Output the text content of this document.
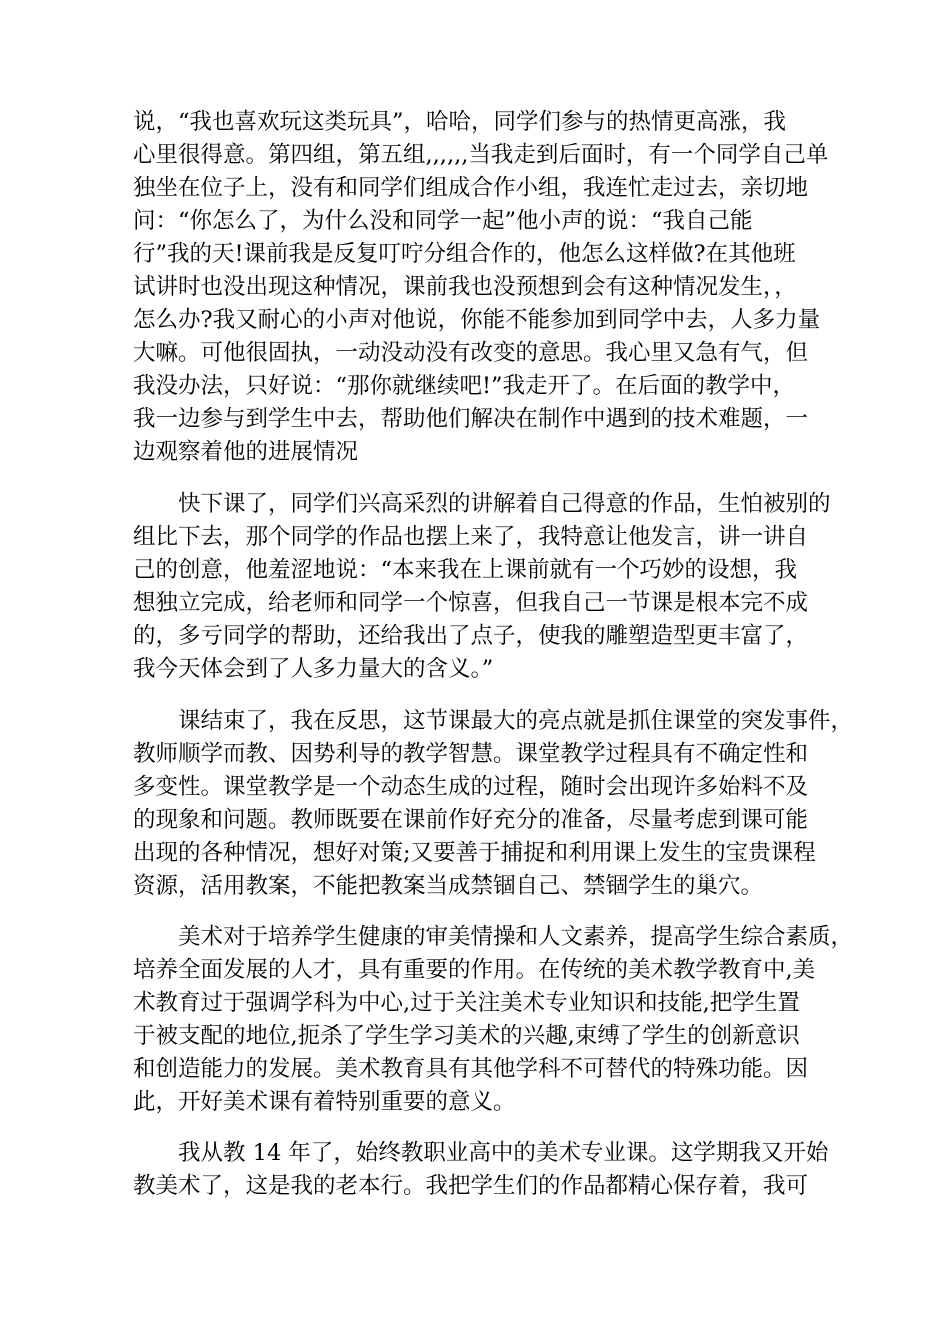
说，“我也喜欢玩这类玩具”，哈哈，同学们参与的热情更高涨，我
心里很得意。第四组，第五组,,,,,,当我走到后面时，有一个同学自己单
独坐在位子上，没有和同学们组成合作小组，我连忙走过去，亲切地
问：“你怎么了，为什么没和同学一起”他小声的说：“我自己能
行”我的天!课前我是反复叮咛分组合作的，他怎么这样做?在其他班
试讲时也没出现这种情况，课前我也没预想到会有这种情况发生，，
怎么办?我又耐心的小声对他说，你能不能参加到同学中去，人多力量
大嘛。可他很固执，一动没动没有改变的意思。我心里又急有气，但
我没办法，只好说：“那你就继续吧!”我走开了。在后面的教学中，
我一边参与到学生中去，帮助他们解决在制作中遇到的技术难题，一
边观察着他的进展情况
快下课了，同学们兴高采烈的讲解着自己得意的作品，生怕被别的
组比下去，那个同学的作品也摆上来了，我特意让他发言，讲一讲自
己的创意，他羞涩地说：“本来我在上课前就有一个巧妙的设想，我
想独立完成，给老师和同学一个惊喜，但我自己一节课是根本完不成
的，多亏同学的帮助，还给我出了点子，使我的雕塑造型更丰富了，
我今天体会到了人多力量大的含义。”
课结束了，我在反思，这节课最大的亮点就是抓住课堂的突发事件，
教师顺学而教、因势利导的教学智慧。课堂教学过程具有不确定性和
多变性。课堂教学是一个动态生成的过程，随时会出现许多始料不及
的现象和问题。教师既要在课前作好充分的准备，尽量考虑到课可能
出现的各种情况，想好对策;又要善于捕捉和利用课上发生的宝贵课程
资源，活用教案，不能把教案当成禁锢自己、禁锢学生的巢穴。
美术对于培养学生健康的审美情操和人文素养，提高学生综合素质，
培养全面发展的人才，具有重要的作用。在传统的美术教学教育中,美
术教育过于强调学科为中心,过于关注美术专业知识和技能,把学生置
于被支配的地位,扼杀了学生学习美术的兴趣,束缚了学生的创新意识
和创造能力的发展。美术教育具有其他学科不可替代的特殊功能。因
此，开好美术课有着特别重要的意义。
我从教 14 年了，始终教职业高中的美术专业课。这学期我又开始
教美术了，这是我的老本行。我把学生们的作品都精心保存着，我可
